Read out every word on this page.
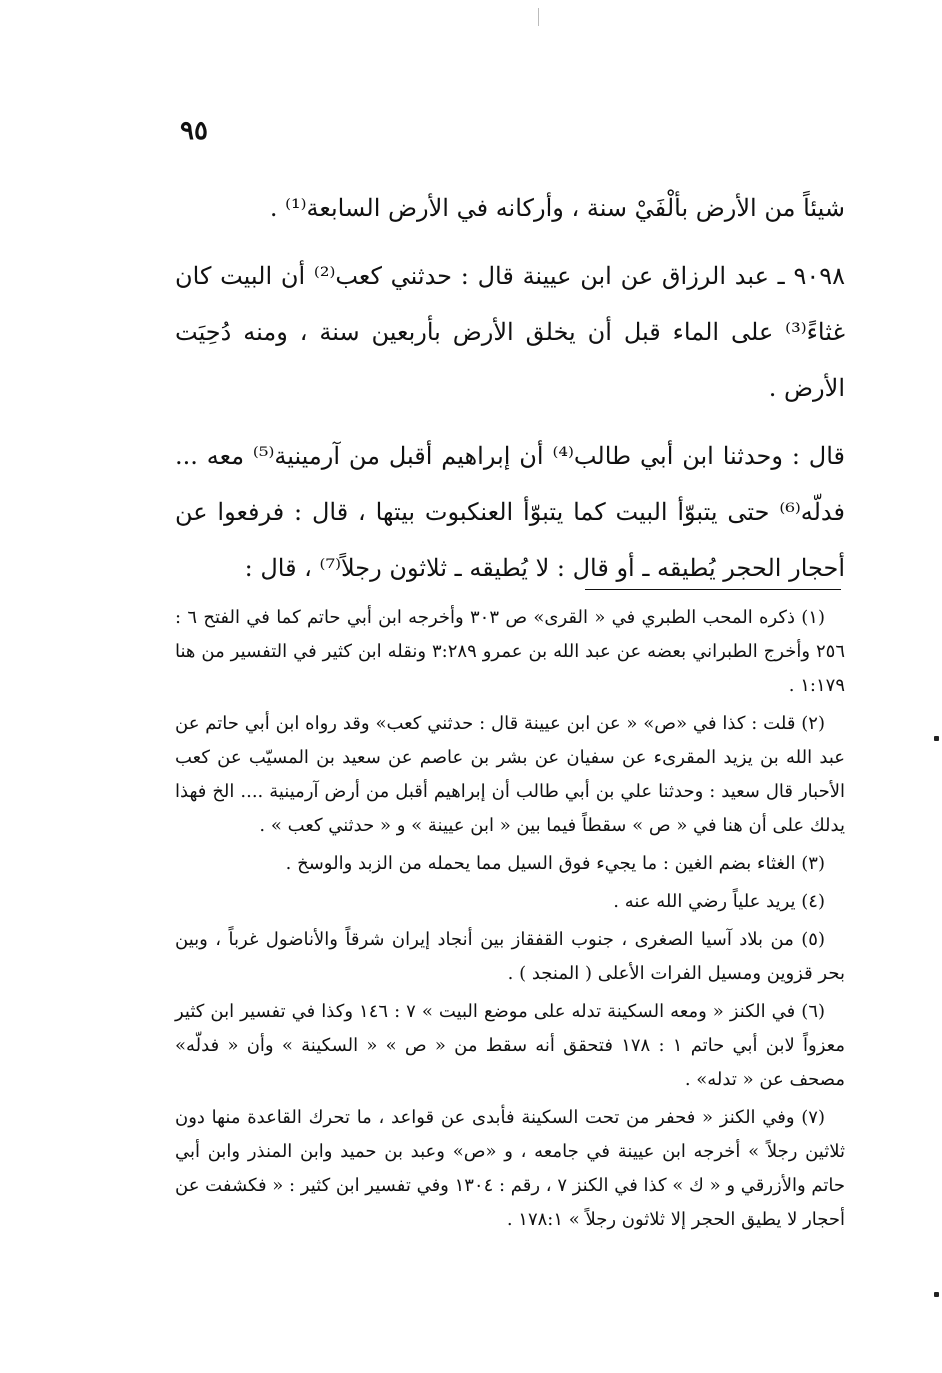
٩٥

شيئاً من الأرض بألْفَيْ سنة ، وأركانه في الأرض السابعة⁽¹⁾ .

٩٠٩٨ ـ عبد الرزاق عن ابن عيينة قال : حدثني كعب⁽²⁾ أن البيت كان غثاءً⁽³⁾ على الماء قبل أن يخلق الأرض بأربعين سنة ، ومنه دُحِيَت الأرض .

قال : وحدثنا ابن أبي طالب⁽⁴⁾ أن إبراهيم أقبل من آرمينية⁽⁵⁾ معه ... فدلّه⁽⁶⁾ حتى يتبوّأ البيت كما يتبوّأ العنكبوت بيتها ، قال : فرفعوا عن أحجار الحجر يُطيقه ـ أو قال : لا يُطيقه ـ ثلاثون رجلاً⁽⁷⁾ ، قال :

(١) ذكره المحب الطبري في « القرى» ص ٣٠٣ وأخرجه ابن أبي حاتم كما في الفتح ٦ : ٢٥٦ وأخرج الطبراني بعضه عن عبد الله بن عمرو ٣:٢٨٩ ونقله ابن كثير في التفسير من هنا ١:١٧٩ .

(٢) قلت : كذا في «ص» « عن ابن عيينة قال : حدثني كعب» وقد رواه ابن أبي حاتم عن عبد الله بن يزيد المقرىء عن سفيان عن بشر بن عاصم عن سعيد بن المسيّب عن كعب الأحبار قال سعيد : وحدثنا علي بن أبي طالب أن إبراهيم أقبل من أرض آرمينية .... الخ فهذا يدلك على أن هنا في « ص » سقطاً فيما بين « ابن عيينة » و « حدثني كعب » .

(٣) الغثاء بضم الغين : ما يجيء فوق السيل مما يحمله من الزبد والوسخ .

(٤) يريد علياً رضي الله عنه .

(٥) من بلاد آسيا الصغرى ، جنوب القفقاز بين أنجاد إيران شرقاً والأناضول غرباً ، وبين بحر قزوين ومسيل الفرات الأعلى ( المنجد ) .

(٦) في الكنز « ومعه السكينة تدله على موضع البيت » ٧ : ١٤٦ وكذا في تفسير ابن كثير معزواً لابن أبي حاتم ١ : ١٧٨ فتحقق أنه سقط من « ص » « السكينة » وأن « فدلّه» مصحف عن « تدله» .

(٧) وفي الكنز « فحفر من تحت السكينة فأبدى عن قواعد ، ما تحرك القاعدة منها دون ثلاثين رجلاً » أخرجه ابن عيينة في جامعه ، و «ص» وعبد بن حميد وابن المنذر وابن أبي حاتم والأزرقي و « ك » كذا في الكنز ٧ ، رقم : ١٣٠٤ وفي تفسير ابن كثير : « فكشفت عن أحجار لا يطيق الحجر إلا ثلاثون رجلاً » ١٧٨:١ .
